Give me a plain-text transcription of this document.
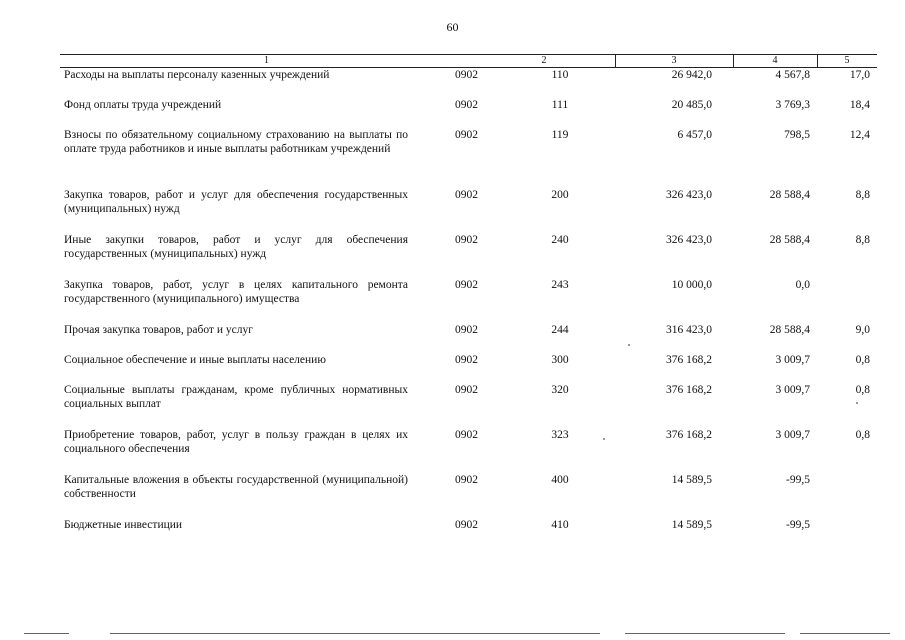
60
1	2	3	4	5
Расходы на выплаты персоналу казенных учреждений	0902	110	26 942,0	4 567,8	17,0
Фонд оплаты труда учреждений	0902	111	20 485,0	3 769,3	18,4
Взносы по обязательному социальному страхованию на выплаты по оплате труда работников и иные выплаты работникам учреждений
0902	119	6 457,0	798,5	12,4
Закупка товаров, работ и услуг для обеспечения государственных (муниципальных) нужд
0902	200	326 423,0	28 588,4	8,8
Иные закупки товаров, работ и услуг для обеспечения государственных (муниципальных) нужд
0902	240	326 423,0	28 588,4	8,8
Закупка товаров, работ, услуг в целях капитального ремонта государственного (муниципального) имущества
0902	243	10 000,0	0,0
Прочая закупка товаров, работ и услуг	0902	244	316 423,0	28 588,4	9,0
Социальное обеспечение и иные выплаты населению	0902	300	376 168,2	3 009,7	0,8
Социальные выплаты гражданам, кроме публичных нормативных социальных выплат
0902	320	376 168,2	3 009,7	0,8
Приобретение товаров, работ, услуг в пользу граждан в целях их социального обеспечения
0902	323	376 168,2	3 009,7	0,8
Капитальные вложения в объекты государственной (муниципальной) собственности
0902	400	14 589,5	-99,5
Бюджетные инвестиции	0902	410	14 589,5	-99,5
